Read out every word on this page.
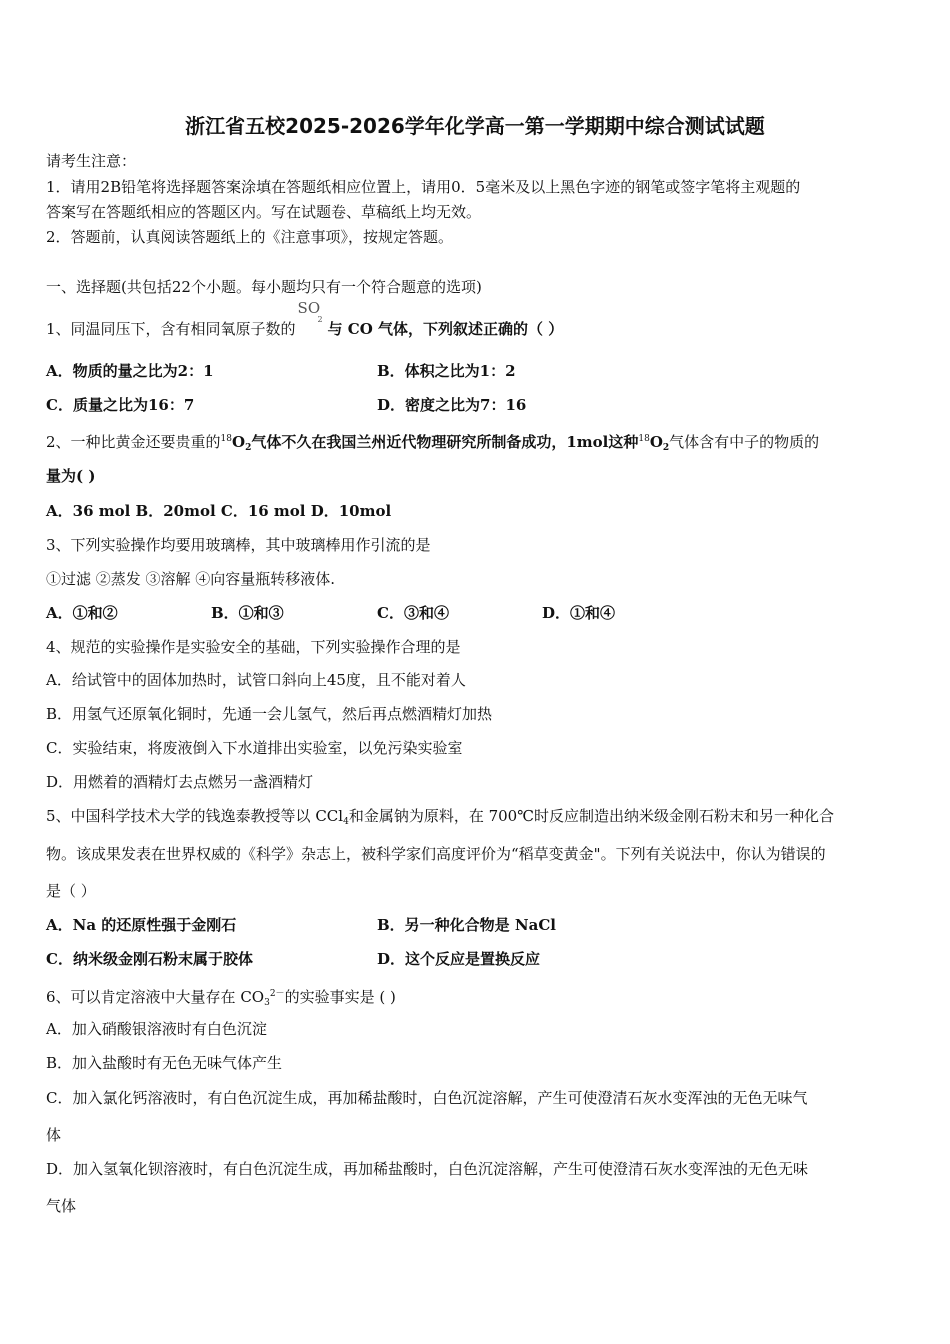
浙江省五校2025-2026学年化学高一第一学期期中综合测试试题
请考生注意：
1．请用2B铅笔将选择题答案涂填在答题纸相应位置上，请用0．5毫米及以上黑色字迹的钢笔或签字笔将主观题的
答案写在答题纸相应的答题区内。写在试题卷、草稿纸上均无效。
2．答题前，认真阅读答题纸上的《注意事项》，按规定答题。
一、选择题(共包括22个小题。每小题均只有一个符合题意的选项)
1、同温同压下，含有相同氧原子数的
SO
2
与 CO 气体，下列叙述正确的（ ）
A．物质的量之比为2：1	B．体积之比为1：2
C．质量之比为16：7	D．密度之比为7：16
2、一种比黄金还要贵重的$^{18}O_2$气体不久在我国兰州近代物理研究所制备成功，1mol这种$^{18}O_2$气体含有中子的物质的
量为( )
A．36 mol B．20mol C．16 mol D．10mol
3、下列实验操作均要用玻璃棒，其中玻璃棒用作引流的是
①过滤 ②蒸发 ③溶解 ④向容量瓶转移液体.
A．①和②	B．①和③	C．③和④	D．①和④
4、规范的实验操作是实验安全的基础，下列实验操作合理的是
A．给试管中的固体加热时，试管口斜向上45度，且不能对着人
B．用氢气还原氧化铜时，先通一会儿氢气，然后再点燃酒精灯加热
C．实验结束，将废液倒入下水道排出实验室，以免污染实验室
D．用燃着的酒精灯去点燃另一盏酒精灯
5、中国科学技术大学的钱逸泰教授等以 CCl$_4$和金属钠为原料，在 700℃时反应制造出纳米级金刚石粉末和另一种化合
物。该成果发表在世界权威的《科学》杂志上，被科学家们高度评价为“稻草变黄金"。下列有关说法中，你认为错误的
是（ ）
A．Na 的还原性强于金刚石	B．另一种化合物是 NaCl
C．纳米级金刚石粉末属于胶体	D．这个反应是置换反应
6、可以肯定溶液中大量存在 $CO_3^{2-}$的实验事实是 ( )
A．加入硝酸银溶液时有白色沉淀
B．加入盐酸时有无色无味气体产生
C．加入氯化钙溶液时，有白色沉淀生成，再加稀盐酸时，白色沉淀溶解，产生可使澄清石灰水变浑浊的无色无味气
体
D．加入氢氧化钡溶液时，有白色沉淀生成，再加稀盐酸时，白色沉淀溶解，产生可使澄清石灰水变浑浊的无色无味
气体
